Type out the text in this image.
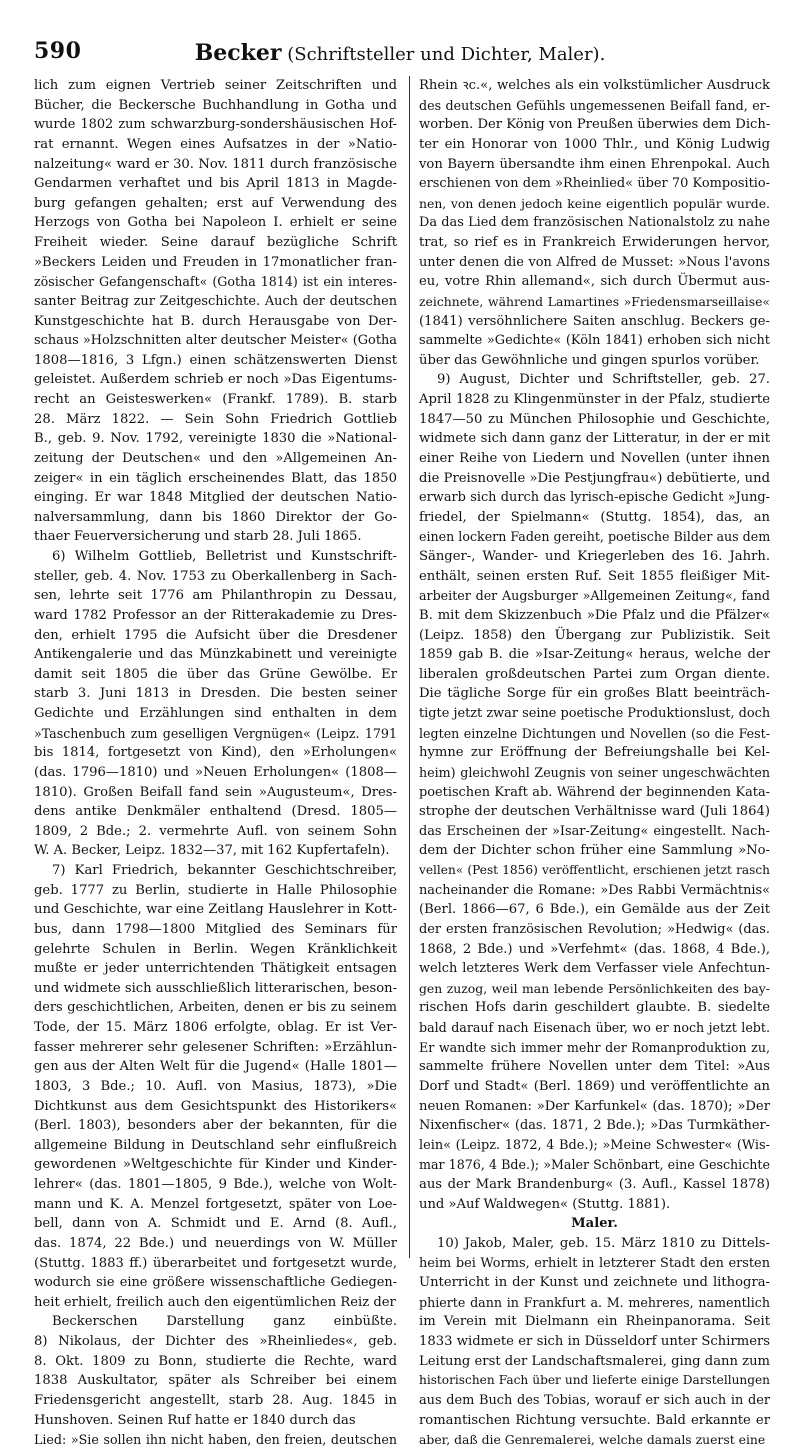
590	Becker (Schriftsteller und Dichter, Maler).

lich zum eignen Vertrieb seiner Zeitschriften und

Bücher, die Beckersche Buchhandlung in Gotha und

wurde 1802 zum schwarzburg-sondershäusischen Hof-

rat ernannt. Wegen eines Aufsatzes in der »Natio-

nalzeitung« ward er 30. Nov. 1811 durch französische

Gendarmen verhaftet und bis April 1813 in Magde-

burg gefangen gehalten; erst auf Verwendung des

Herzogs von Gotha bei Napoleon I. erhielt er seine

Freiheit wieder. Seine darauf bezügliche Schrift

»Beckers Leiden und Freuden in 17monatlicher fran-

zösischer Gefangenschaft« (Gotha 1814) ist ein interes-

santer Beitrag zur Zeitgeschichte. Auch der deutschen

Kunstgeschichte hat B. durch Herausgabe von Der-

schaus »Holzschnitten alter deutscher Meister« (Gotha

1808—1816, 3 Lfgn.) einen schätzenswerten Dienst

geleistet. Außerdem schrieb er noch »Das Eigentums-

recht an Geisteswerken« (Frankf. 1789). B. starb

28. März 1822. — Sein Sohn Friedrich Gottlieb

B., geb. 9. Nov. 1792, vereinigte 1830 die »National-

zeitung der Deutschen« und den »Allgemeinen An-

zeiger« in ein täglich erscheinendes Blatt, das 1850

einging. Er war 1848 Mitglied der deutschen Natio-

nalversammlung, dann bis 1860 Direktor der Go-

thaer Feuerversicherung und starb 28. Juli 1865.

6) Wilhelm Gottlieb, Belletrist und Kunstschrift-

steller, geb. 4. Nov. 1753 zu Oberkallenberg in Sach-

sen, lehrte seit 1776 am Philanthropin zu Dessau,

ward 1782 Professor an der Ritterakademie zu Dres-

den, erhielt 1795 die Aufsicht über die Dresdener

Antikengalerie und das Münzkabinett und vereinigte

damit seit 1805 die über das Grüne Gewölbe. Er

starb 3. Juni 1813 in Dresden. Die besten seiner

Gedichte und Erzählungen sind enthalten in dem

»Taschenbuch zum geselligen Vergnügen« (Leipz. 1791

bis 1814, fortgesetzt von Kind), den »Erholungen«

(das. 1796—1810) und »Neuen Erholungen« (1808—

1810). Großen Beifall fand sein »Augusteum«, Dres-

dens antike Denkmäler enthaltend (Dresd. 1805—

1809, 2 Bde.; 2. vermehrte Aufl. von seinem Sohn

W. A. Becker, Leipz. 1832—37, mit 162 Kupfertafeln).

7) Karl Friedrich, bekannter Geschichtschreiber,

geb. 1777 zu Berlin, studierte in Halle Philosophie

und Geschichte, war eine Zeitlang Hauslehrer in Kott-

bus, dann 1798—1800 Mitglied des Seminars für

gelehrte Schulen in Berlin. Wegen Kränklichkeit

mußte er jeder unterrichtenden Thätigkeit entsagen

und widmete sich ausschließlich litterarischen, beson-

ders geschichtlichen, Arbeiten, denen er bis zu seinem

Tode, der 15. März 1806 erfolgte, oblag. Er ist Ver-

fasser mehrerer sehr gelesener Schriften: »Erzählun-

gen aus der Alten Welt für die Jugend« (Halle 1801—

1803, 3 Bde.; 10. Aufl. von Masius, 1873), »Die

Dichtkunst aus dem Gesichtspunkt des Historikers«

(Berl. 1803), besonders aber der bekannten, für die

allgemeine Bildung in Deutschland sehr einflußreich

gewordenen »Weltgeschichte für Kinder und Kinder-

lehrer« (das. 1801—1805, 9 Bde.), welche von Wolt-

mann und K. A. Menzel fortgesetzt, später von Loe-

bell, dann von A. Schmidt und E. Arnd (8. Aufl.,

das. 1874, 22 Bde.) und neuerdings von W. Müller

(Stuttg. 1883 ff.) überarbeitet und fortgesetzt wurde,

wodurch sie eine größere wissenschaftliche Gediegen-

heit erhielt, freilich auch den eigentümlichen Reiz der

Beckerschen Darstellung ganz einbüßte.

8) Nikolaus, der Dichter des »Rheinliedes«, geb.

8. Okt. 1809 zu Bonn, studierte die Rechte, ward

1838 Auskultator, später als Schreiber bei einem

Friedensgericht angestellt, starb 28. Aug. 1845 in

Hunshoven. Seinen Ruf hatte er 1840 durch das

Lied: »Sie sollen ihn nicht haben, den freien, deutschen

Rhein ꝛc.«, welches als ein volkstümlicher Ausdruck

des deutschen Gefühls ungemessenen Beifall fand, er-

worben. Der König von Preußen überwies dem Dich-

ter ein Honorar von 1000 Thlr., und König Ludwig

von Bayern übersandte ihm einen Ehrenpokal. Auch

erschienen von dem »Rheinlied« über 70 Kompositio-

nen, von denen jedoch keine eigentlich populär wurde.

Da das Lied dem französischen Nationalstolz zu nahe

trat, so rief es in Frankreich Erwiderungen hervor,

unter denen die von Alfred de Musset: »Nous l'avons

eu, votre Rhin allemand«, sich durch Übermut aus-

zeichnete, während Lamartines »Friedensmarseillaise«

(1841) versöhnlichere Saiten anschlug. Beckers ge-

sammelte »Gedichte« (Köln 1841) erhoben sich nicht

über das Gewöhnliche und gingen spurlos vorüber.

9) August, Dichter und Schriftsteller, geb. 27.

April 1828 zu Klingenmünster in der Pfalz, studierte

1847—50 zu München Philosophie und Geschichte,

widmete sich dann ganz der Litteratur, in der er mit

einer Reihe von Liedern und Novellen (unter ihnen

die Preisnovelle »Die Pestjungfrau«) debütierte, und

erwarb sich durch das lyrisch-epische Gedicht »Jung-

friedel, der Spielmann« (Stuttg. 1854), das, an

einen lockern Faden gereiht, poetische Bilder aus dem

Sänger-, Wander- und Kriegerleben des 16. Jahrh.

enthält, seinen ersten Ruf. Seit 1855 fleißiger Mit-

arbeiter der Augsburger »Allgemeinen Zeitung«, fand

B. mit dem Skizzenbuch »Die Pfalz und die Pfälzer«

(Leipz. 1858) den Übergang zur Publizistik. Seit

1859 gab B. die »Isar-Zeitung« heraus, welche der

liberalen großdeutschen Partei zum Organ diente.

Die tägliche Sorge für ein großes Blatt beeinträch-

tigte jetzt zwar seine poetische Produktionslust, doch

legten einzelne Dichtungen und Novellen (so die Fest-

hymne zur Eröffnung der Befreiungshalle bei Kel-

heim) gleichwohl Zeugnis von seiner ungeschwächten

poetischen Kraft ab. Während der beginnenden Kata-

strophe der deutschen Verhältnisse ward (Juli 1864)

das Erscheinen der »Isar-Zeitung« eingestellt. Nach-

dem der Dichter schon früher eine Sammlung »No-

vellen« (Pest 1856) veröffentlicht, erschienen jetzt rasch

nacheinander die Romane: »Des Rabbi Vermächtnis«

(Berl. 1866—67, 6 Bde.), ein Gemälde aus der Zeit

der ersten französischen Revolution; »Hedwig« (das.

1868, 2 Bde.) und »Verfehmt« (das. 1868, 4 Bde.),

welch letzteres Werk dem Verfasser viele Anfechtun-

gen zuzog, weil man lebende Persönlichkeiten des bay-

rischen Hofs darin geschildert glaubte. B. siedelte

bald darauf nach Eisenach über, wo er noch jetzt lebt.

Er wandte sich immer mehr der Romanproduktion zu,

sammelte frühere Novellen unter dem Titel: »Aus

Dorf und Stadt« (Berl. 1869) und veröffentlichte an

neuen Romanen: »Der Karfunkel« (das. 1870); »Der

Nixenfischer« (das. 1871, 2 Bde.); »Das Turmkäther-

lein« (Leipz. 1872, 4 Bde.); »Meine Schwester« (Wis-

mar 1876, 4 Bde.); »Maler Schönbart, eine Geschichte

aus der Mark Brandenburg« (3. Aufl., Kassel 1878)

und »Auf Waldwegen« (Stuttg. 1881).

Maler.

10) Jakob, Maler, geb. 15. März 1810 zu Dittels-

heim bei Worms, erhielt in letzterer Stadt den ersten

Unterricht in der Kunst und zeichnete und lithogra-

phierte dann in Frankfurt a. M. mehreres, namentlich

im Verein mit Dielmann ein Rheinpanorama. Seit

1833 widmete er sich in Düsseldorf unter Schirmers

Leitung erst der Landschaftsmalerei, ging dann zum

historischen Fach über und lieferte einige Darstellungen

aus dem Buch des Tobias, worauf er sich auch in der

romantischen Richtung versuchte. Bald erkannte er

aber, daß die Genremalerei, welche damals zuerst eine
